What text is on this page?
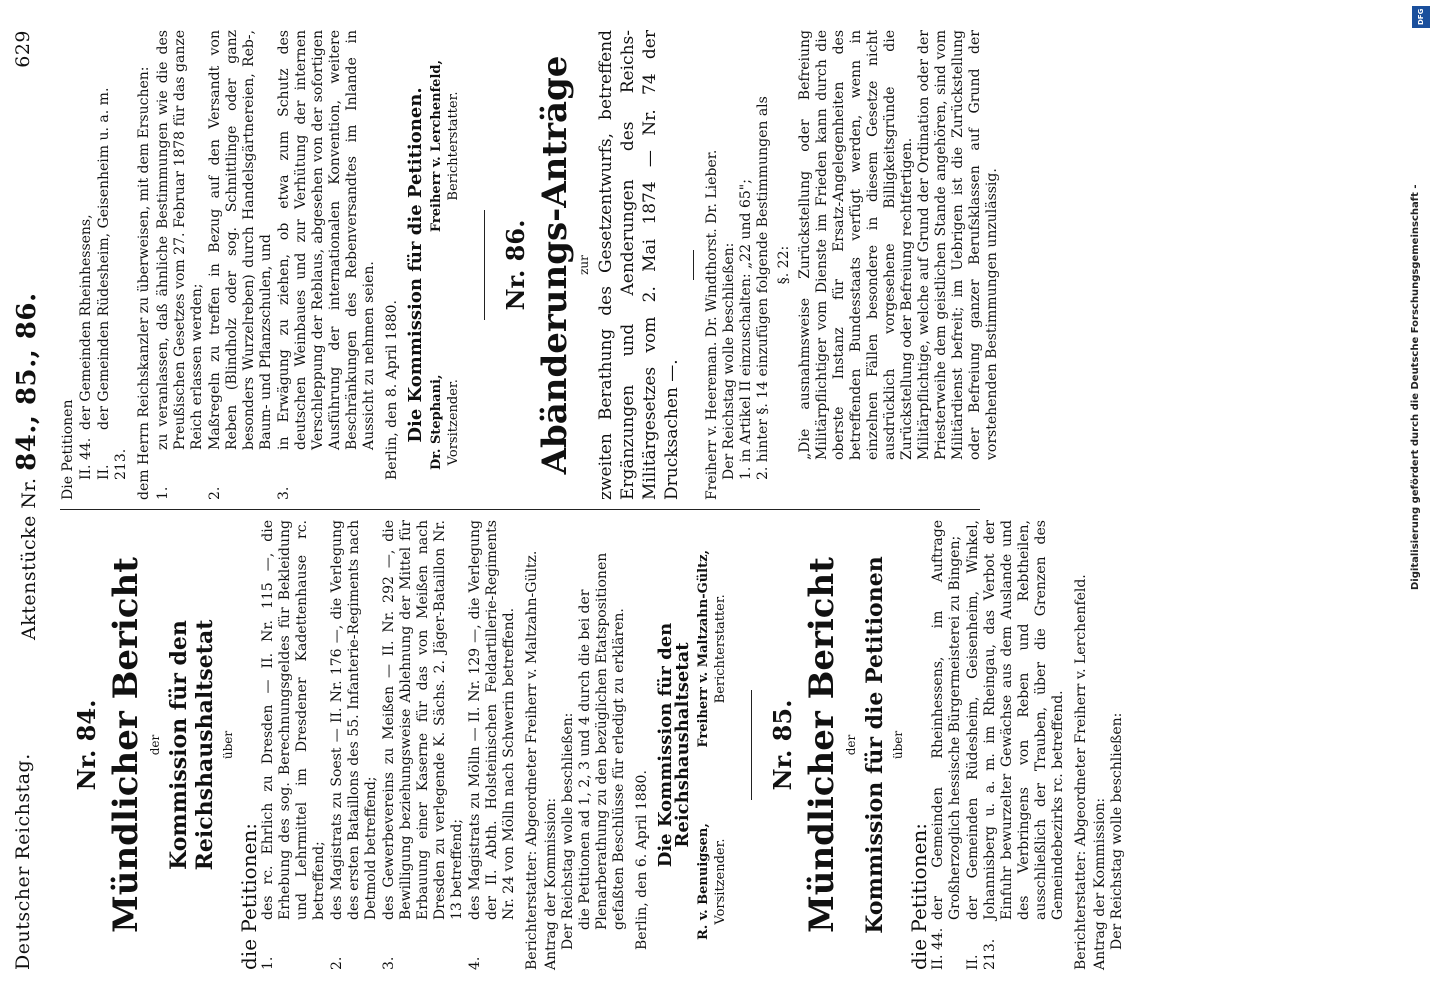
Deutscher Reichstag.
Aktenstücke Nr. 84., 85., 86.
629
Nr. 84. Mündlicher Bericht der Kommission für den Reichshaushaltsetat über
die Petitionen: 1.
des rc. Ehrlich zu Dresden — II. Nr. 115 —, die Erhebung des sog. Berechnungsgeldes für Bekleidung und Lehrmittel im Dresdener Kadettenhause rc. betreffend;
2.
des Magistrats zu Soest — II. Nr. 176 —, die Verlegung des ersten Bataillons des 55. Infanterie-Regiments nach Detmold betreffend;
3.
des Gewerbevereins zu Meißen — II. Nr. 292 —, die Bewilligung beziehungsweise Ablehnung der Mittel für Erbauung einer Kaserne für das von Meißen nach Dresden zu verlegende K. Sächs. 2. Jäger-Bataillon Nr. 13 betreffend;
4.
des Magistrats zu Mölln — II. Nr. 129 —, die Verlegung der II. Abth. Holsteinischen Feldartillerie-Regiments Nr. 24 von Mölln nach Schwerin betreffend. Berichterstatter: Abgeordneter Freiherr v. Maltzahn-Gültz. Antrag der Kommission: Der Reichstag wolle beschließen: die Petitionen ad 1, 2, 3 und 4 durch die bei der Plenarberathung zu den bezüglichen Etatspositionen gefaßten Beschlüsse für erledigt zu erklären. Berlin, den 6. April 1880. Die Kommission für den Reichshaushaltsetat
R. v. Benuigsen, Vorsitzender.
Freiherr v. Maltzahn-Gültz, Berichterstatter.
Nr. 85. Mündlicher Bericht der Kommission für die Petitionen über
die Petitionen: II. 44.
der Gemeinden Rheinhessens, im Auftrage Großherzoglich hessische Bürgermeisterei zu Bingen;
II. 213.
der Gemeinden Rüdesheim, Geisenheim, Winkel, Johannisberg u. a. m. im Rheingau, das Verbot der Einfuhr bewurzelter Gewächse aus dem Auslande und des Verbringens von Reben und Rebtheilen, ausschließlich der Trauben, über die Grenzen des Gemeindebezirks rc. betreffend. Berichterstatter: Abgeordneter Freiherr v. Lerchenfeld. Antrag der Kommission: Der Reichstag wolle beschließen:
Die Petitionen II. 44.
der Gemeinden Rheinhessens,
II. 213.
der Gemeinden Rüdesheim, Geisenheim u. a. m.	dem Herrn Reichskanzler zu überweisen, mit dem Ersuchen: 1.
zu veranlassen, daß ähnliche Bestimmungen wie die des Preußischen Gesetzes vom 27. Februar 1878 für das ganze Reich erlassen werden;
2.
Maßregeln zu treffen in Bezug auf den Versandt von Reben (Blindholz oder sog. Schnittlinge oder ganz besonders Wurzelreben) durch Handelsgärtnereien, Reb-, Baum- und Pflanzschulen, und
3.
in Erwägung zu ziehen, ob etwa zum Schutz des deutschen Weinbaues und zur Verhütung der internen Verschleppung der Reblaus, abgesehen von der sofortigen Ausführung der internationalen Konvention, weitere Beschränkungen des Rebenversandtes im Inlande in Aussicht zu nehmen seien. Berlin, den 8. April 1880. Die Kommission für die Petitionen. Dr. Stephani, Vorsitzender.
Freiherr v. Lerchenfeld, Berichterstatter.
Nr. 86. Abänderungs-Anträge zur zweiten Berathung des Gesetzentwurfs, betreffend Ergänzungen und Aenderungen des Reichs-Militärgesetzes vom 2. Mai 1874 — Nr. 74 der Drucksachen —. Freiherr v. Heereman. Dr. Windthorst. Dr. Lieber. Der Reichstag wolle beschließen: 1. in Artikel II einzuschalten: „22 und 65"; 2. hinter §. 14 einzufügen folgende Bestimmungen als §. 22: „Die ausnahmsweise Zurückstellung oder Befreiung Militärpflichtiger vom Dienste im Frieden kann durch die oberste Instanz für Ersatz-Angelegenheiten des betreffenden Bundesstaats verfügt werden, wenn in einzelnen Fällen besondere in diesem Gesetze nicht ausdrücklich vorgesehene Billigkeitsgründe die Zurückstellung oder Befreiung rechtfertigen. Militärpflichtige, welche auf Grund der Ordination oder der Priesterweihe dem geistlichen Stande angehören, sind vom Militärdienst befreit; im Uebrigen ist die Zurückstellung oder Befreiung ganzer Berufsklassen auf Grund der vorstehenden Bestimmungen unzulässig.	Digitalisierung gefördert durch die Deutsche Forschungsgemeinschaft -
DFG
